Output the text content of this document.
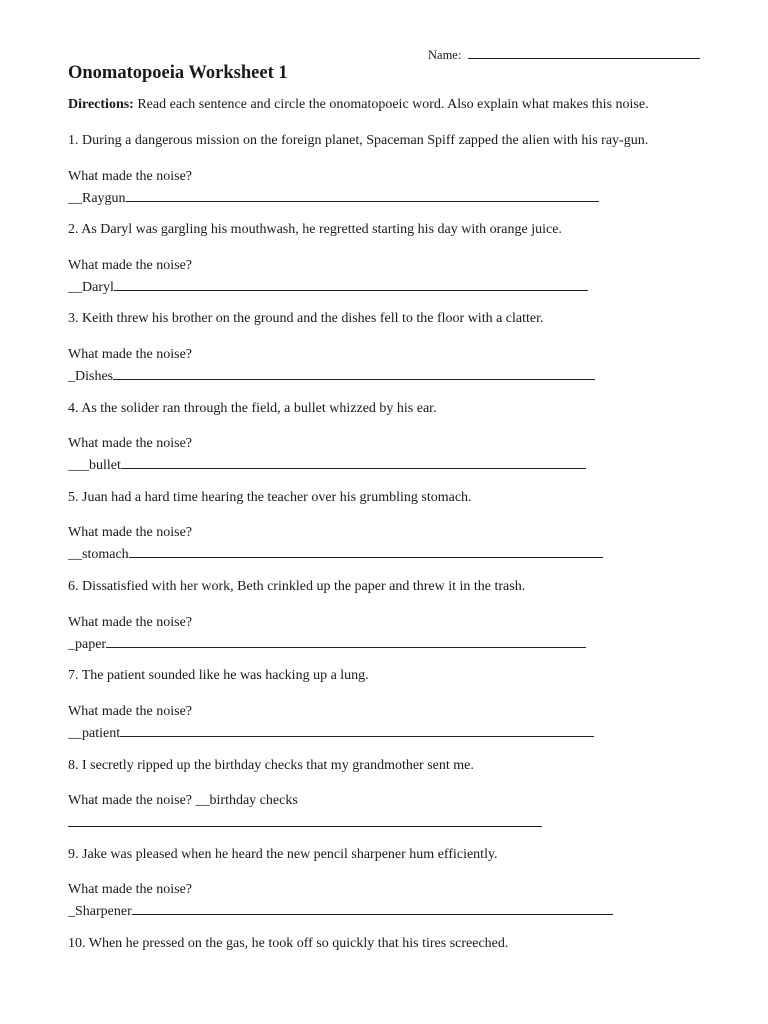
Name:
Onomatopoeia Worksheet 1
Directions: Read each sentence and circle the onomatopoeic word. Also explain what makes this noise.
1. During a dangerous mission on the foreign planet, Spaceman Spiff zapped the alien with his ray-gun.
What made the noise?
__Raygun
2. As Daryl was gargling his mouthwash, he regretted starting his day with orange juice.
What made the noise?
__Daryl
3. Keith threw his brother on the ground and the dishes fell to the floor with a clatter.
What made the noise?
_Dishes
4. As the solider ran through the field, a bullet whizzed by his ear.
What made the noise?
___bullet
5. Juan had a hard time hearing the teacher over his grumbling stomach.
What made the noise?
__stomach
6. Dissatisfied with her work, Beth crinkled up the paper and threw it in the trash.
What made the noise?
_paper
7. The patient sounded like he was hacking up a lung.
What made the noise?
__patient
8. I secretly ripped up the birthday checks that my grandmother sent me.
What made the noise? __birthday checks
9. Jake was pleased when he heard the new pencil sharpener hum efficiently.
What made the noise?
_Sharpener
10. When he pressed on the gas, he took off so quickly that his tires screeched.
